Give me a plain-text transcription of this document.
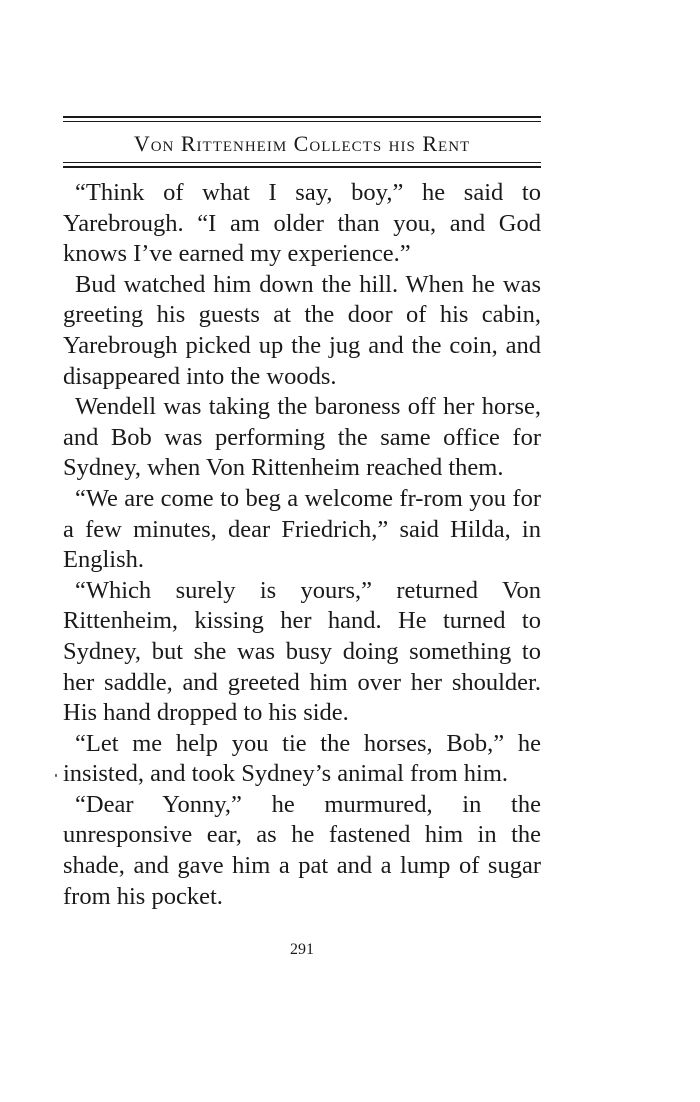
Von Rittenheim Collects his Rent

“Think of what I say, boy,” he said to Yarebrough. “I am older than you, and God knows I’ve earned my experience.”

Bud watched him down the hill. When he was greeting his guests at the door of his cabin, Yarebrough picked up the jug and the coin, and disappeared into the woods.

Wendell was taking the baroness off her horse, and Bob was performing the same office for Sydney, when Von Rittenheim reached them.

“We are come to beg a welcome fr-rom you for a few minutes, dear Friedrich,” said Hilda, in English.

“Which surely is yours,” returned Von Rittenheim, kissing her hand. He turned to Sydney, but she was busy doing something to her saddle, and greeted him over her shoulder. His hand dropped to his side.

“Let me help you tie the horses, Bob,” he insisted, and took Sydney’s animal from him.

“Dear Yonny,” he murmured, in the unresponsive ear, as he fastened him in the shade, and gave him a pat and a lump of sugar from his pocket.

291
